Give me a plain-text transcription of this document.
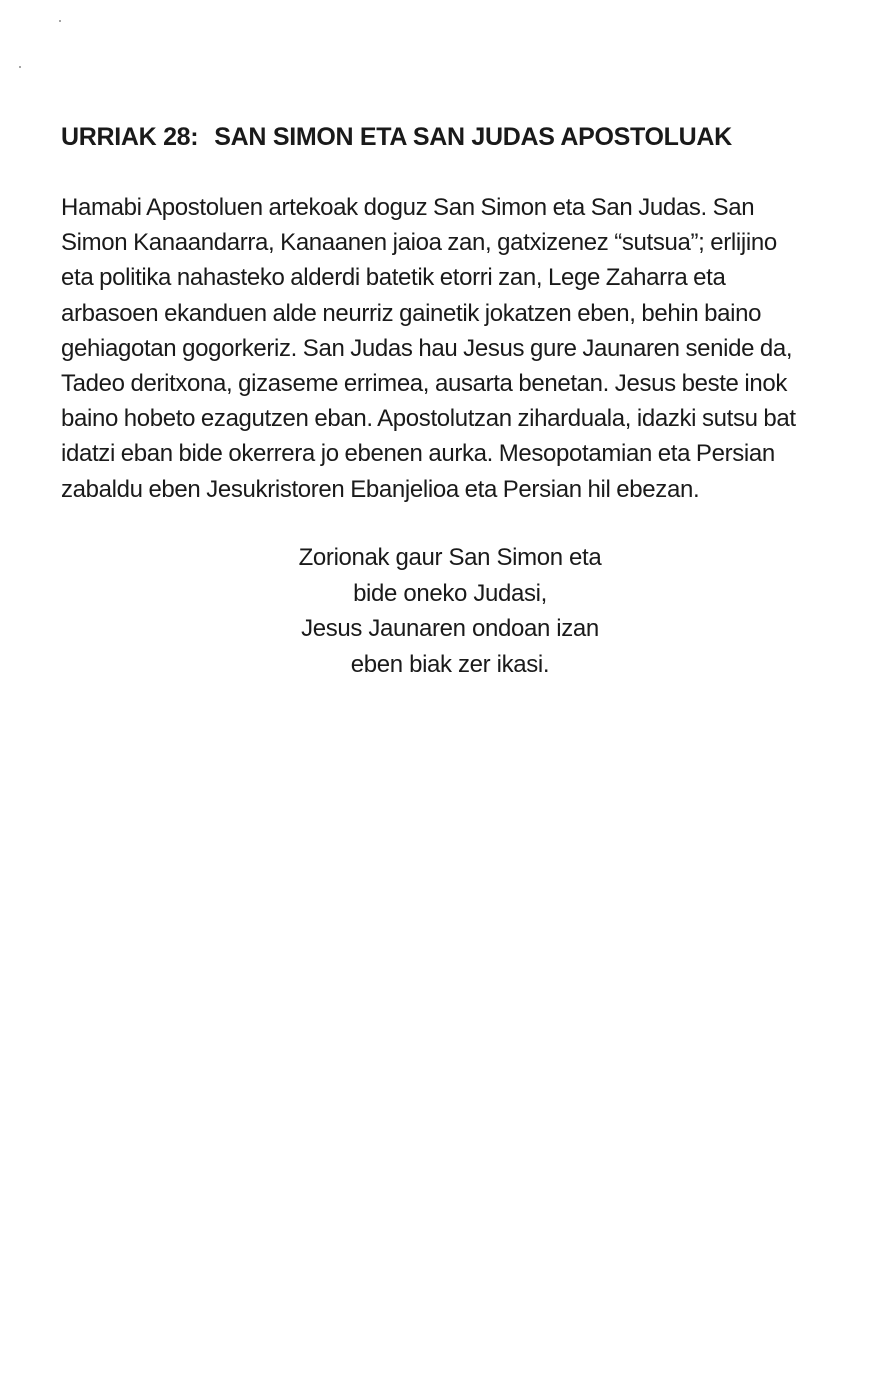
URRIAK 28: SAN SIMON ETA SAN JUDAS APOSTOLUAK
Hamabi Apostoluen artekoak doguz San Simon eta San Judas. San
Simon Kanaandarra, Kanaanen jaioa zan, gatxizenez “sutsua”; erlijino
eta politika nahasteko alderdi batetik etorri zan, Lege Zaharra eta
arbasoen ekanduen alde neurriz gainetik jokatzen eben, behin baino
gehiagotan gogorkeriz. San Judas hau Jesus gure Jaunaren senide da,
Tadeo deritxona, gizaseme errimea, ausarta benetan. Jesus beste inok
baino hobeto ezagutzen eban. Apostolutzan ziharduala, idazki sutsu bat
idatzi eban bide okerrera jo ebenen aurka. Mesopotamian eta Persian
zabaldu eben Jesukristoren Ebanjelioa eta Persian hil ebezan.
Zorionak gaur San Simon eta
bide oneko Judasi,
Jesus Jaunaren ondoan izan
eben biak zer ikasi.
